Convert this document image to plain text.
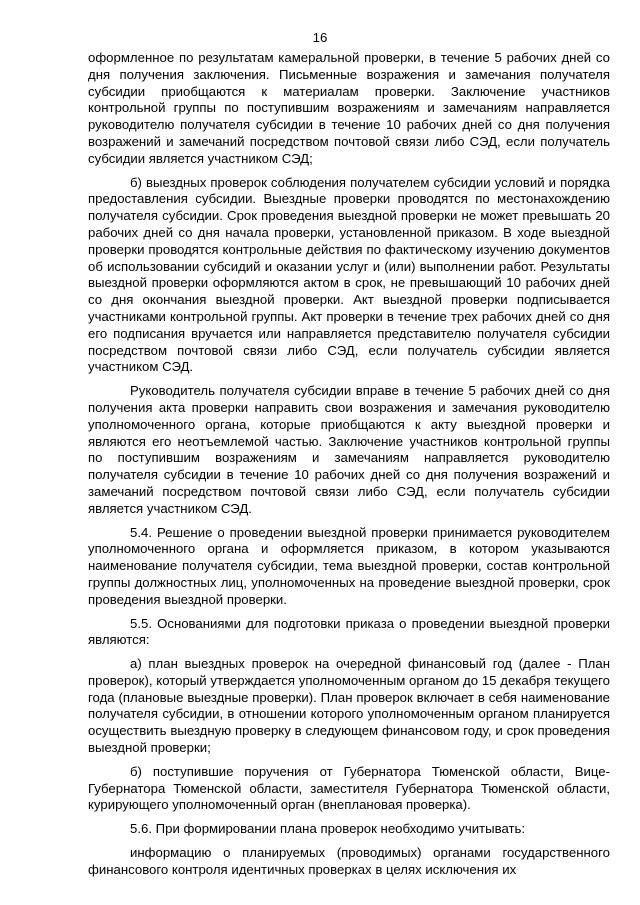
16

оформленное по результатам камеральной проверки, в течение 5 рабочих дней со дня получения заключения. Письменные возражения и замечания получателя субсидии приобщаются к материалам проверки. Заключение участников контрольной группы по поступившим возражениям и замечаниям направляется руководителю получателя субсидии в течение 10 рабочих дней со дня получения возражений и замечаний посредством почтовой связи либо СЭД, если получатель субсидии является участником СЭД;

б) выездных проверок соблюдения получателем субсидии условий и порядка предоставления субсидии. Выездные проверки проводятся по местонахождению получателя субсидии. Срок проведения выездной проверки не может превышать 20 рабочих дней со дня начала проверки, установленной приказом. В ходе выездной проверки проводятся контрольные действия по фактическому изучению документов об использовании субсидий и оказании услуг и (или) выполнении работ. Результаты выездной проверки оформляются актом в срок, не превышающий 10 рабочих дней со дня окончания выездной проверки. Акт выездной проверки подписывается участниками контрольной группы. Акт проверки в течение трех рабочих дней со дня его подписания вручается или направляется представителю получателя субсидии посредством почтовой связи либо СЭД, если получатель субсидии является участником СЭД.

Руководитель получателя субсидии вправе в течение 5 рабочих дней со дня получения акта проверки направить свои возражения и замечания руководителю уполномоченного органа, которые приобщаются к акту выездной проверки и являются его неотъемлемой частью. Заключение участников контрольной группы по поступившим возражениям и замечаниям направляется руководителю получателя субсидии в течение 10 рабочих дней со дня получения возражений и замечаний посредством почтовой связи либо СЭД, если получатель субсидии является участником СЭД.

5.4. Решение о проведении выездной проверки принимается руководителем уполномоченного органа и оформляется приказом, в котором указываются наименование получателя субсидии, тема выездной проверки, состав контрольной группы должностных лиц, уполномоченных на проведение выездной проверки, срок проведения выездной проверки.

5.5. Основаниями для подготовки приказа о проведении выездной проверки являются:

а) план выездных проверок на очередной финансовый год (далее - План проверок), который утверждается уполномоченным органом до 15 декабря текущего года (плановые выездные проверки). План проверок включает в себя наименование получателя субсидии, в отношении которого уполномоченным органом планируется осуществить выездную проверку в следующем финансовом году, и срок проведения выездной проверки;

б) поступившие поручения от Губернатора Тюменской области, Вице-Губернатора Тюменской области, заместителя Губернатора Тюменской области, курирующего уполномоченный орган (внеплановая проверка).

5.6. При формировании плана проверок необходимо учитывать:

информацию о планируемых (проводимых) органами государственного финансового контроля идентичных проверках в целях исключения их
